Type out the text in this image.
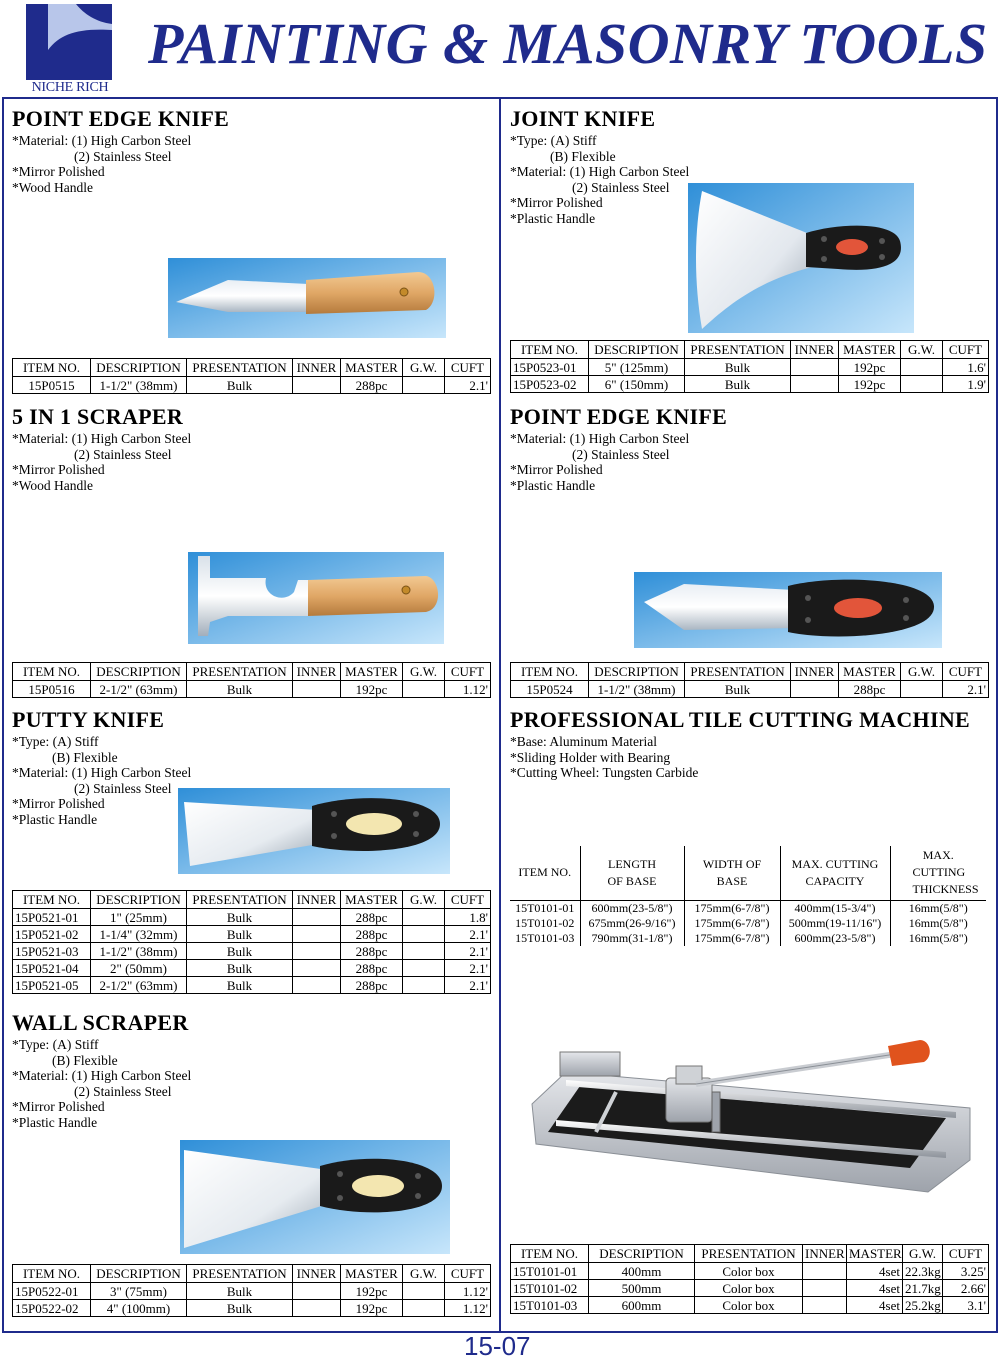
NICHE RICH
PAINTING & MASONRY TOOLS
POINT EDGE KNIFE
*Material: (1) High Carbon Steel
(2) Stainless Steel
*Mirror Polished
*Wood Handle
ITEM NO.	DESCRIPTION	PRESENTATION	INNER	MASTER	G.W.	CUFT
15P0515	1-1/2" (38mm)	Bulk		288pc		2.1'
5 IN 1 SCRAPER
*Material: (1) High Carbon Steel
(2) Stainless Steel
*Mirror Polished
*Wood Handle
ITEM NO.	DESCRIPTION	PRESENTATION	INNER	MASTER	G.W.	CUFT
15P0516	2-1/2" (63mm)	Bulk		192pc		1.12'
PUTTY KNIFE
*Type: (A) Stiff
(B) Flexible
*Material: (1) High Carbon Steel
(2) Stainless Steel
*Mirror Polished
*Plastic Handle
ITEM NO.	DESCRIPTION	PRESENTATION	INNER	MASTER	G.W.	CUFT
15P0521-01	1" (25mm)	Bulk		288pc		1.8'
15P0521-02	1-1/4" (32mm)	Bulk		288pc		2.1'
15P0521-03	1-1/2" (38mm)	Bulk		288pc		2.1'
15P0521-04	2" (50mm)	Bulk		288pc		2.1'
15P0521-05	2-1/2" (63mm)	Bulk		288pc		2.1'
WALL SCRAPER
*Type: (A) Stiff
(B) Flexible
*Material: (1) High Carbon Steel
(2) Stainless Steel
*Mirror Polished
*Plastic Handle
ITEM NO.	DESCRIPTION	PRESENTATION	INNER	MASTER	G.W.	CUFT
15P0522-01	3" (75mm)	Bulk		192pc		1.12'
15P0522-02	4" (100mm)	Bulk		192pc		1.12'
JOINT KNIFE
*Type: (A) Stiff
(B) Flexible
*Material: (1) High Carbon Steel
(2) Stainless Steel
*Mirror Polished
*Plastic Handle
ITEM NO.	DESCRIPTION	PRESENTATION	INNER	MASTER	G.W.	CUFT
15P0523-01	5" (125mm)	Bulk		192pc		1.6'
15P0523-02	6" (150mm)	Bulk		192pc		1.9'
POINT EDGE KNIFE
*Material: (1) High Carbon Steel
(2) Stainless Steel
*Mirror Polished
*Plastic Handle
ITEM NO.	DESCRIPTION	PRESENTATION	INNER	MASTER	G.W.	CUFT
15P0524	1-1/2" (38mm)	Bulk		288pc		2.1'
PROFESSIONAL TILE CUTTING MACHINE
*Base: Aluminum Material
*Sliding Holder with Bearing
*Cutting Wheel: Tungsten Carbide
ITEM NO.	LENGTH OF BASE	WIDTH OF BASE	MAX. CUTTING CAPACITY	MAX. CUTTING THICKNESS
15T0101-01	600mm(23-5/8")	175mm(6-7/8")	400mm(15-3/4")	16mm(5/8")
15T0101-02	675mm(26-9/16")	175mm(6-7/8")	500mm(19-11/16")	16mm(5/8")
15T0101-03	790mm(31-1/8")	175mm(6-7/8")	600mm(23-5/8")	16mm(5/8")
ITEM NO.	DESCRIPTION	PRESENTATION	INNER	MASTER	G.W.	CUFT
15T0101-01	400mm	Color box		4set	22.3kg	3.25'
15T0101-02	500mm	Color box		4set	21.7kg	2.66'
15T0101-03	600mm	Color box		4set	25.2kg	3.1'
15-07
